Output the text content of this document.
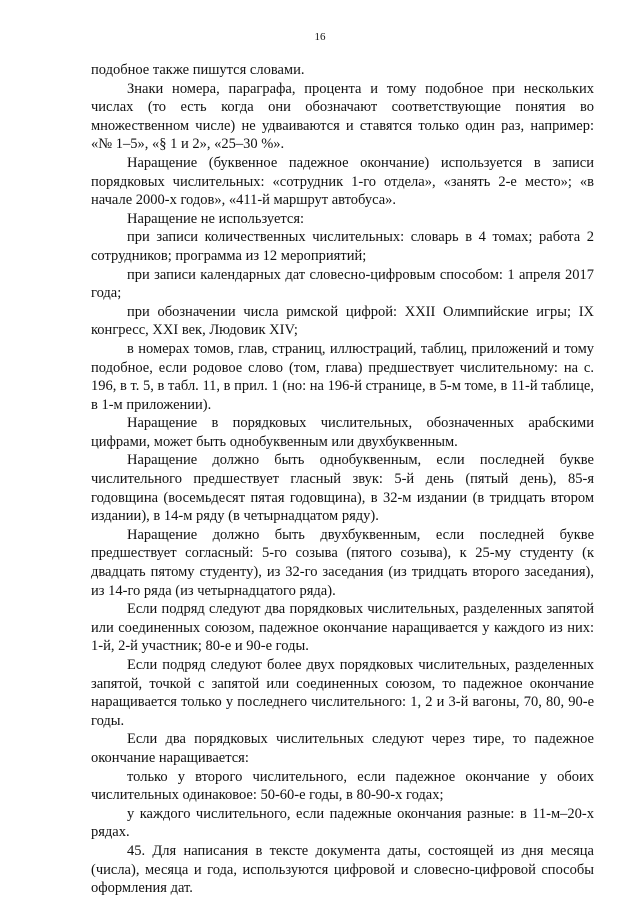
16

подобное также пишутся словами.

Знаки номера, параграфа, процента и тому подобное при нескольких числах (то есть когда они обозначают соответствующие понятия во множественном числе) не удваиваются и ставятся только один раз, например: «№ 1–5», «§ 1 и 2», «25–30 %».

Наращение (буквенное падежное окончание) используется в записи порядковых числительных: «сотрудник 1-го отдела», «занять 2-е место»; «в начале 2000-х годов», «411-й маршрут автобуса».

Наращение не используется:

при записи количественных числительных: словарь в 4 томах; работа 2 сотрудников; программа из 12 мероприятий;

при записи календарных дат словесно-цифровым способом: 1 апреля 2017 года;

при обозначении числа римской цифрой: XXII Олимпийские игры; IX конгресс, XXI век, Людовик XIV;

в номерах томов, глав, страниц, иллюстраций, таблиц, приложений и тому подобное, если родовое слово (том, глава) предшествует числительному: на с. 196, в т. 5, в табл. 11, в прил. 1 (но: на 196-й странице, в 5-м томе, в 11-й таблице, в 1-м приложении).

Наращение в порядковых числительных, обозначенных арабскими цифрами, может быть однобуквенным или двухбуквенным.

Наращение должно быть однобуквенным, если последней букве числительного предшествует гласный звук: 5-й день (пятый день), 85-я годовщина (восемьдесят пятая годовщина), в 32-м издании (в тридцать втором издании), в 14-м ряду (в четырнадцатом ряду).

Наращение должно быть двухбуквенным, если последней букве предшествует согласный: 5-го созыва (пятого созыва), к 25-му студенту (к двадцать пятому студенту), из 32-го заседания (из тридцать второго заседания), из 14-го ряда (из четырнадцатого ряда).

Если подряд следуют два порядковых числительных, разделенных запятой или соединенных союзом, падежное окончание наращивается у каждого из них: 1-й, 2-й участник; 80-е и 90-е годы.

Если подряд следуют более двух порядковых числительных, разделенных запятой, точкой с запятой или соединенных союзом, то падежное окончание наращивается только у последнего числительного: 1, 2 и 3-й вагоны, 70, 80, 90-е годы.

Если два порядковых числительных следуют через тире, то падежное окончание наращивается:

только у второго числительного, если падежное окончание у обоих числительных одинаковое: 50-60-е годы, в 80-90-х годах;

у каждого числительного, если падежные окончания разные: в 11-м–20-х рядах.

45. Для написания в тексте документа даты, состоящей из дня месяца (числа), месяца и года, используются цифровой и словесно-цифровой способы оформления дат.
